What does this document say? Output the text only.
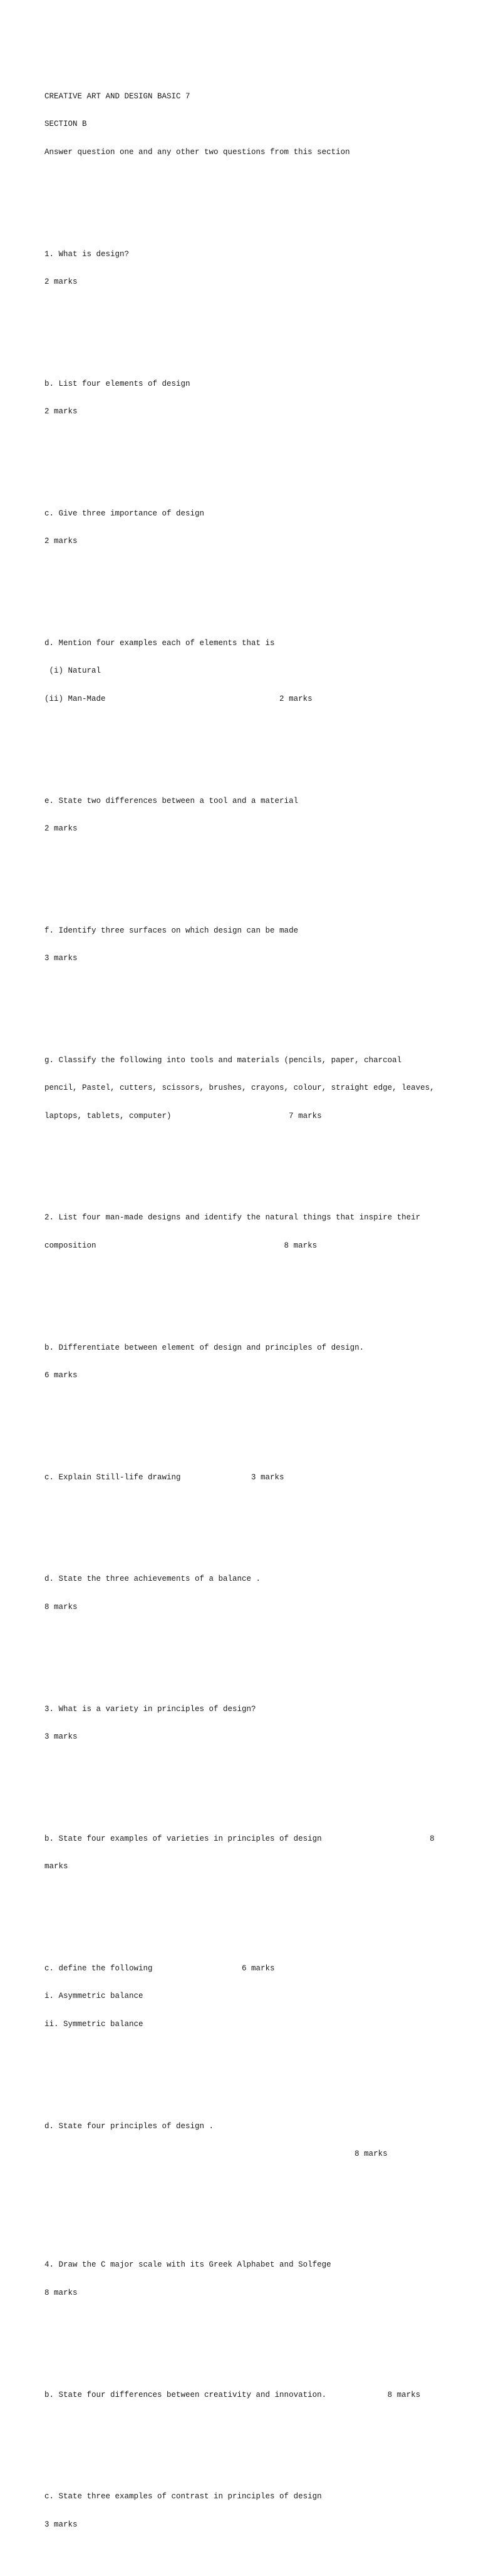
CREATIVE ART AND DESIGN BASIC 7

SECTION B

Answer question one and any other two questions from this section

1. What is design?

2 marks

b. List four elements of design

2 marks

c. Give three importance of design

2 marks

d. Mention four examples each of elements that is

(i) Natural

(ii) Man-Made                                     2 marks

e. State two differences between a tool and a material

2 marks

f. Identify three surfaces on which design can be made

3 marks

g. Classify the following into tools and materials (pencils, paper, charcoal

pencil, Pastel, cutters, scissors, brushes, crayons, colour, straight edge, leaves,

laptops, tablets, computer)                         7 marks

2. List four man-made designs and identify the natural things that inspire their

composition                                        8 marks

b. Differentiate between element of design and principles of design.

6 marks

c. Explain Still-life drawing               3 marks

d. State the three achievements of a balance .

8 marks

3. What is a variety in principles of design?

3 marks

b. State four examples of varieties in principles of design                       8

marks

c. define the following                   6 marks

i. Asymmetric balance

ii. Symmetric balance

d. State four principles of design .

8 marks

4. Draw the C major scale with its Greek Alphabet and Solfege

8 marks

b. State four differences between creativity and innovation.             8 marks

c. State three examples of contrast in principles of design

3 marks
